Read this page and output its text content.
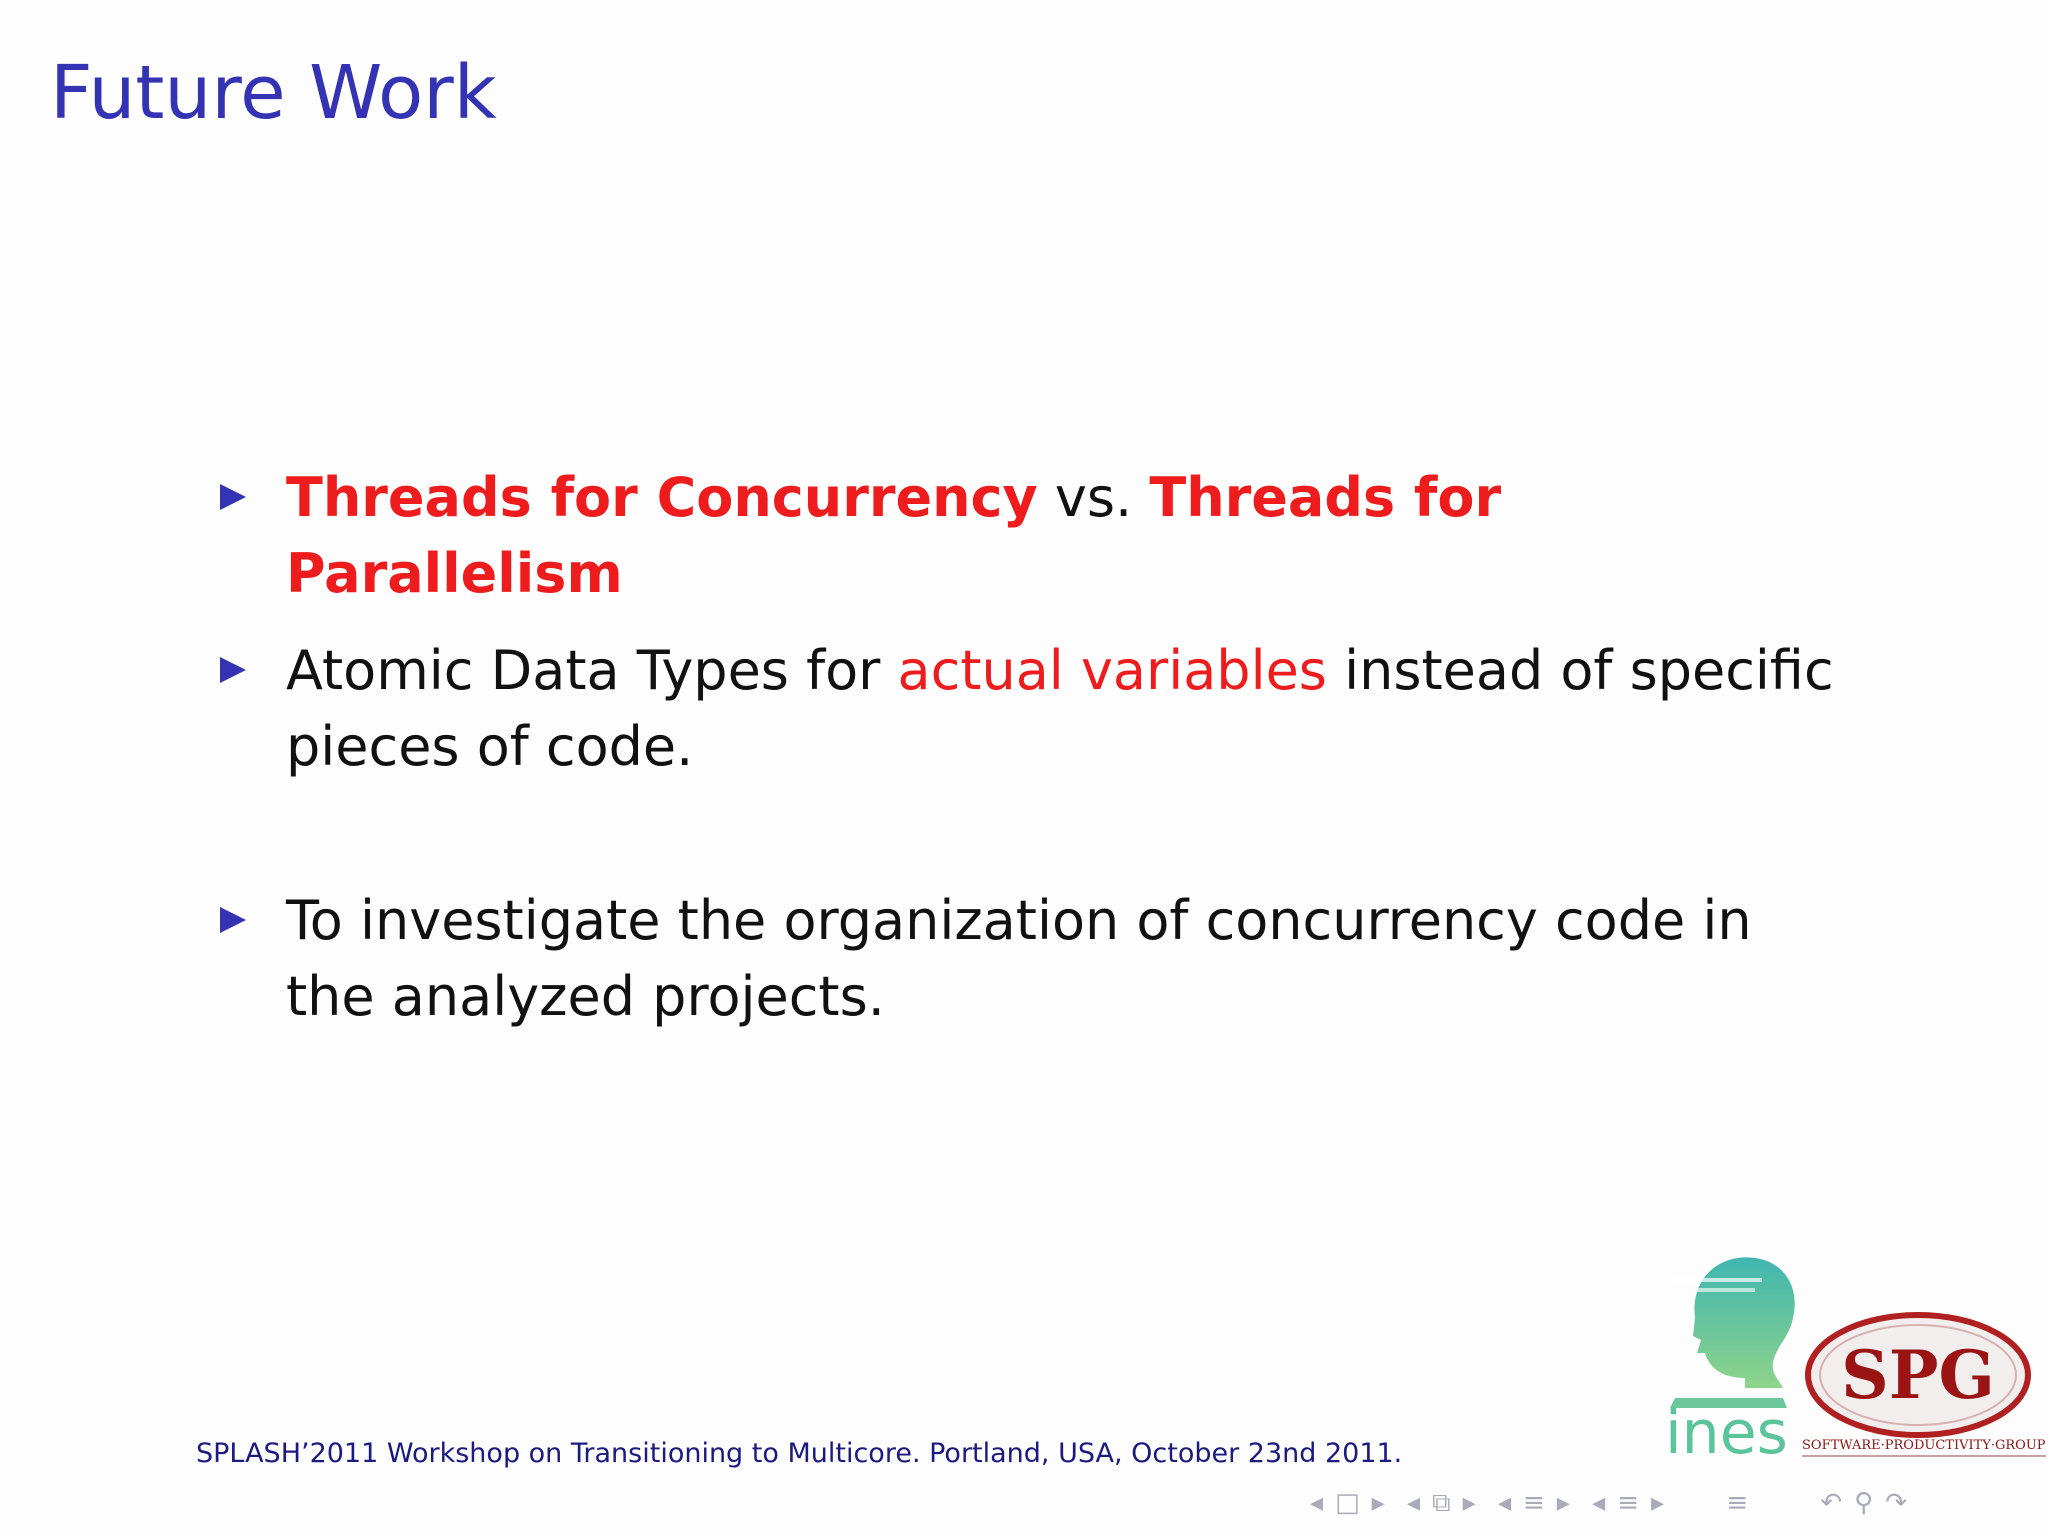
Future Work
Threads for Concurrency vs. Threads for Parallelism
Atomic Data Types for actual variables instead of specific pieces of code.
To investigate the organization of concurrency code in the analyzed projects.
ines
SPG
SOFTWARE·PRODUCTIVITY·GROUP
SPLASH’2011 Workshop on Transitioning to Multicore. Portland, USA, October 23nd 2011.
◂ □ ▸ ◂ ⧉ ▸ ◂ ≡ ▸ ◂ ≡ ▸ ≡	↶ ⚲ ↷
